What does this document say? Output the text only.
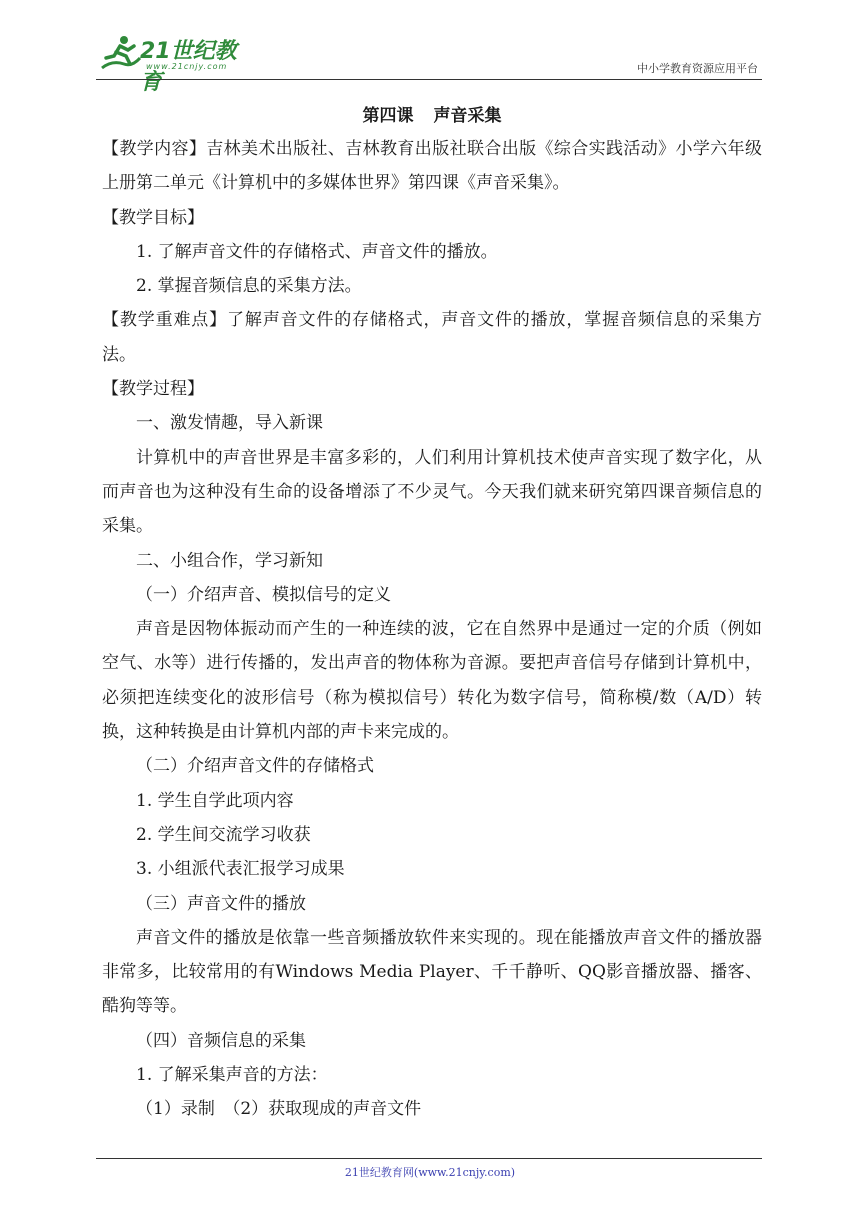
21世纪教育
www.21cnjy.com	中小学教育资源应用平台
第四课 声音采集

【教学内容】吉林美术出版社、吉林教育出版社联合出版《综合实践活动》小学六年级上册第二单元《计算机中的多媒体世界》第四课《声音采集》。

【教学目标】

1. 了解声音文件的存储格式、声音文件的播放。

2. 掌握音频信息的采集方法。

【教学重难点】了解声音文件的存储格式，声音文件的播放，掌握音频信息的采集方法。

【教学过程】

一、激发情趣，导入新课

计算机中的声音世界是丰富多彩的，人们利用计算机技术使声音实现了数字化，从而声音也为这种没有生命的设备增添了不少灵气。今天我们就来研究第四课音频信息的采集。

二、小组合作，学习新知

（一）介绍声音、模拟信号的定义

声音是因物体振动而产生的一种连续的波，它在自然界中是通过一定的介质（例如空气、水等）进行传播的，发出声音的物体称为音源。要把声音信号存储到计算机中，必须把连续变化的波形信号（称为模拟信号）转化为数字信号，简称模/数（A/D）转换，这种转换是由计算机内部的声卡来完成的。

（二）介绍声音文件的存储格式

1. 学生自学此项内容

2. 学生间交流学习收获

3. 小组派代表汇报学习成果

（三）声音文件的播放

声音文件的播放是依靠一些音频播放软件来实现的。现在能播放声音文件的播放器非常多，比较常用的有Windows Media Player、千千静听、QQ影音播放器、播客、酷狗等等。

（四）音频信息的采集

1. 了解采集声音的方法：

（1）录制　（2）获取现成的声音文件

21世纪教育网(www.21cnjy.com)
